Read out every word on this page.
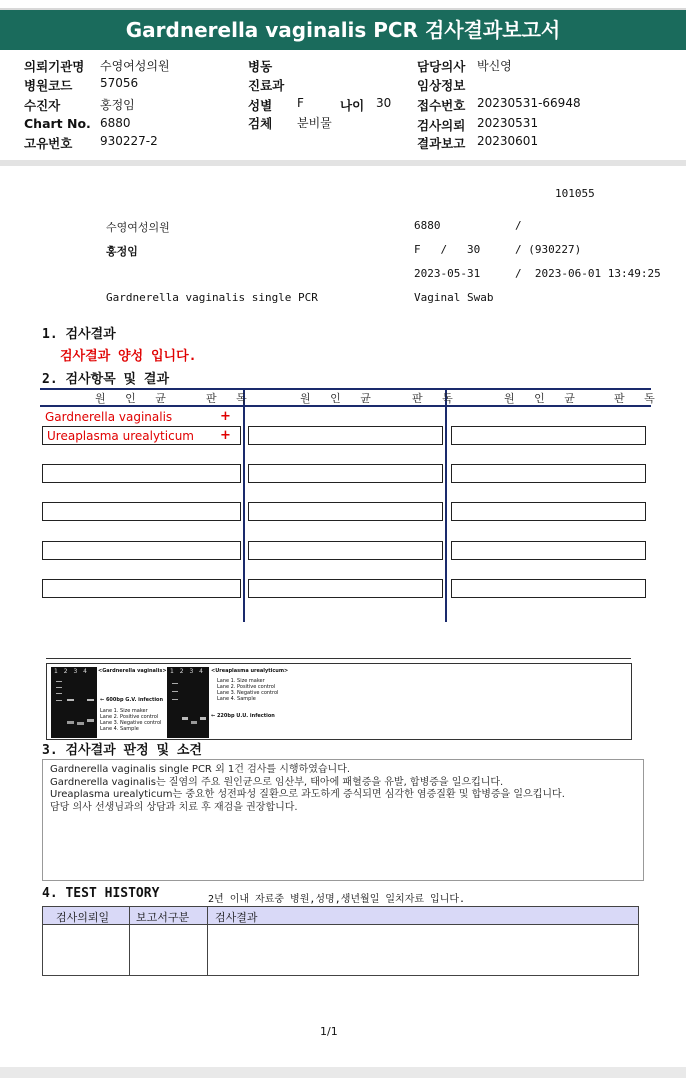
Gardnerella vaginalis PCR 검사결과보고서
의뢰기관명 수영여성의원
병원코드 57056
수진자	홍정임
Chart No. 6880
고유번호 930227-2
병동
진료과
성별 F	나이 30
검체 분비물
담당의사 박신영
임상정보
접수번호 20230531-66948
검사의뢰 20230531
결과보고 20230601
101055
수영여성의원	6880	/
홍정임	F   /   30	/ (930227)
2023-05-31	/  2023-06-01 13:49:25
Gardnerella vaginalis single PCR	Vaginal Swab
1. 검사결과
검사결과 양성 입니다.
2. 검사항목 및 결과
원 인 균	판 독	원 인 균	판 독	원 인 균	판 독
Gardnerella vaginalis	+
Ureaplasma urealyticum +
1 2 3 4 <Gardnerella vaginalis>
← 600bp G.V. infection
Lane 1. Size maker
Lane 2. Positive control
Lane 3. Negative control
Lane 4. Sample
1 2 3 4 <Ureaplasma urealyticum>
Lane 1. Size maker
Lane 2. Positive control
Lane 3. Negative control
Lane 4. Sample
← 220bp U.U. infection
3. 검사결과 판정 및 소견
Gardnerella vaginalis single PCR 외 1건 검사를 시행하였습니다.
Gardnerella vaginalis는 질염의 주요 원인균으로 임산부, 태아에 패혈증을 유발, 합병증을 일으킵니다.
Ureaplasma urealyticum는 중요한 성전파성 질환으로 과도하게 증식되면 심각한 염증질환 및 합병증을 일으킵니다.
담당 의사 선생님과의 상담과 치료 후 재검을 권장합니다.
4. TEST HISTORY	2년 이내 자료중 병원,성명,생년월일 일치자료 입니다.
검사의뢰일 보고서구분 검사결과
1/1
